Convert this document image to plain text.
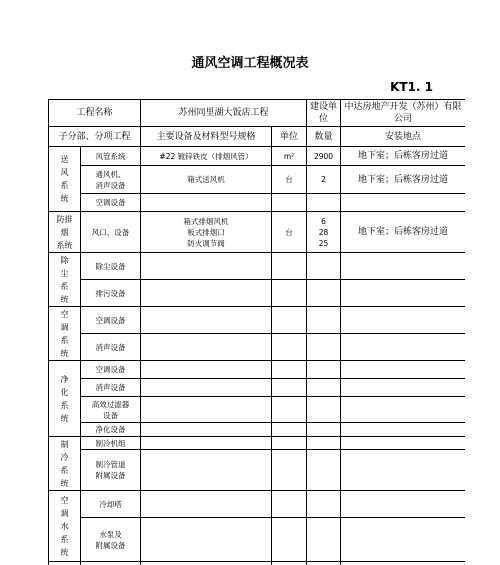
通风空调工程概况表
KT1. 1
工程名称		苏州同里湖大饭店工程		建设单位	中达房地产开发（苏州）有限公司
子分部、分项工程		主要设备及材料型号规格	单位	数量	安装地点
送风系统	风管系统	#22 镀锌铁皮（排烟风管）	m²	2900	地下室；后栋客房过道
	通风机、
消声设备	箱式送风机	台	2	地下室；后栋客房过道
	空调设备				
防排
烟
系统	风口、设备	箱式排烟风机
板式排烟口
防火调节阀	台	6
28
25	地下室；后栋客房过道
除尘系统	除尘设备				
	排污设备				
空调系统	空调设备				
	消声设备				
净化系统	空调设备				
	消声设备				
	高效过滤器
设备				
	净化设备				
制冷系统	制冷机组				
	制冷管道
附属设备				
空调水系统	冷却塔				
	水泵及
附属设备				
